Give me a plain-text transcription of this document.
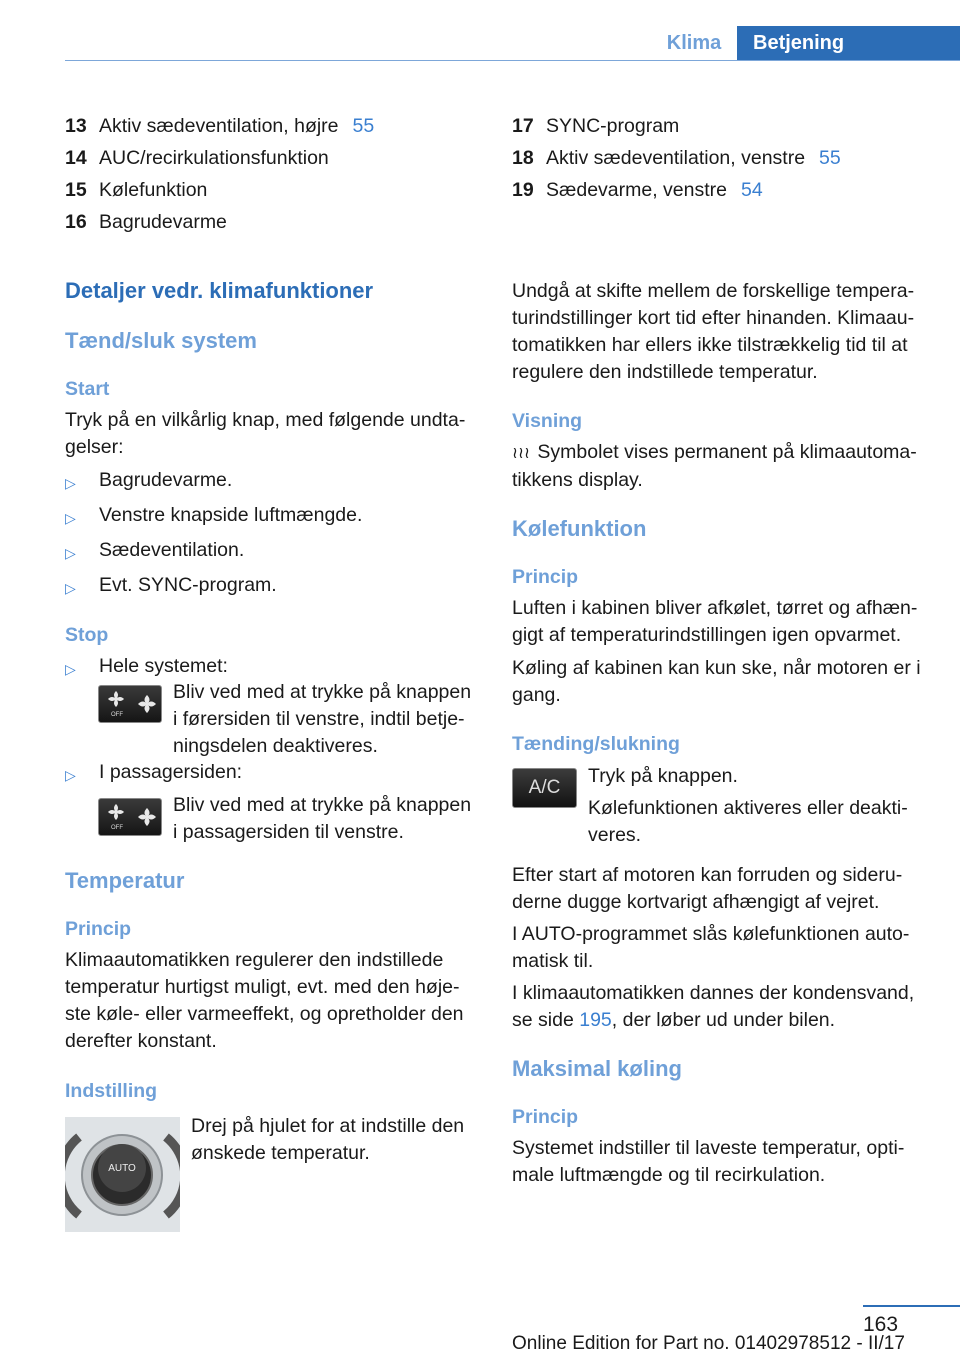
Klima	Betjening
13 Aktiv sædeventilation, højre 55
14 AUC/recirkulationsfunktion
15 Kølefunktion
16 Bagrudevarme
17 SYNC-program
18 Aktiv sædeventilation, venstre 55
19 Sædevarme, venstre 54
Detaljer vedr. klimafunktioner
Tænd/sluk system
Start

Tryk på en vilkårlig knap, med følgende undtagelser:

▷	Bagrudevarme.
▷	Venstre knapside luftmængde.
▷	Sædeventilation.
▷	Evt. SYNC-program.
Stop
▷	Hele systemet:
OFF

Bliv ved med at trykke på knappen i førersiden til venstre, indtil betjeningsdelen deaktiveres.

▷	I passagersiden:
OFF

Bliv ved med at trykke på knappen i passagersiden til venstre.

Temperatur
Princip

Klimaautomatikken regulerer den indstillede temperatur hurtigst muligt, evt. med den højeste køle- eller varmeeffekt, og opretholder den derefter konstant.

Indstilling
AUTO

Drej på hjulet for at indstille den ønskede temperatur.

Undgå at skifte mellem de forskellige temperaturindstillinger kort tid efter hinanden. Klimaautomatikken har ellers ikke tilstrækkelig tid til at regulere den indstillede temperatur.

Visning

≀≀≀ Symbolet vises permanent på klimaautomatikkens display.

Kølefunktion
Princip

Luften i kabinen bliver afkølet, tørret og afhængigt af temperaturindstillingen igen opvarmet.

Køling af kabinen kan kun ske, når motoren er i gang.

Tænding/slukning
A/C

Tryk på knappen.

Kølefunktionen aktiveres eller deaktiveres.

Efter start af motoren kan forruden og sideruderne dugge kortvarigt afhængigt af vejret.

I AUTO-programmet slås kølefunktionen automatisk til.

I klimaautomatikken dannes der kondensvand, se side 195, der løber ud under bilen.

Maksimal køling
Princip

Systemet indstiller til laveste temperatur, optimale luftmængde og til recirkulation.

163
Online Edition for Part no. 01402978512 - II/17
